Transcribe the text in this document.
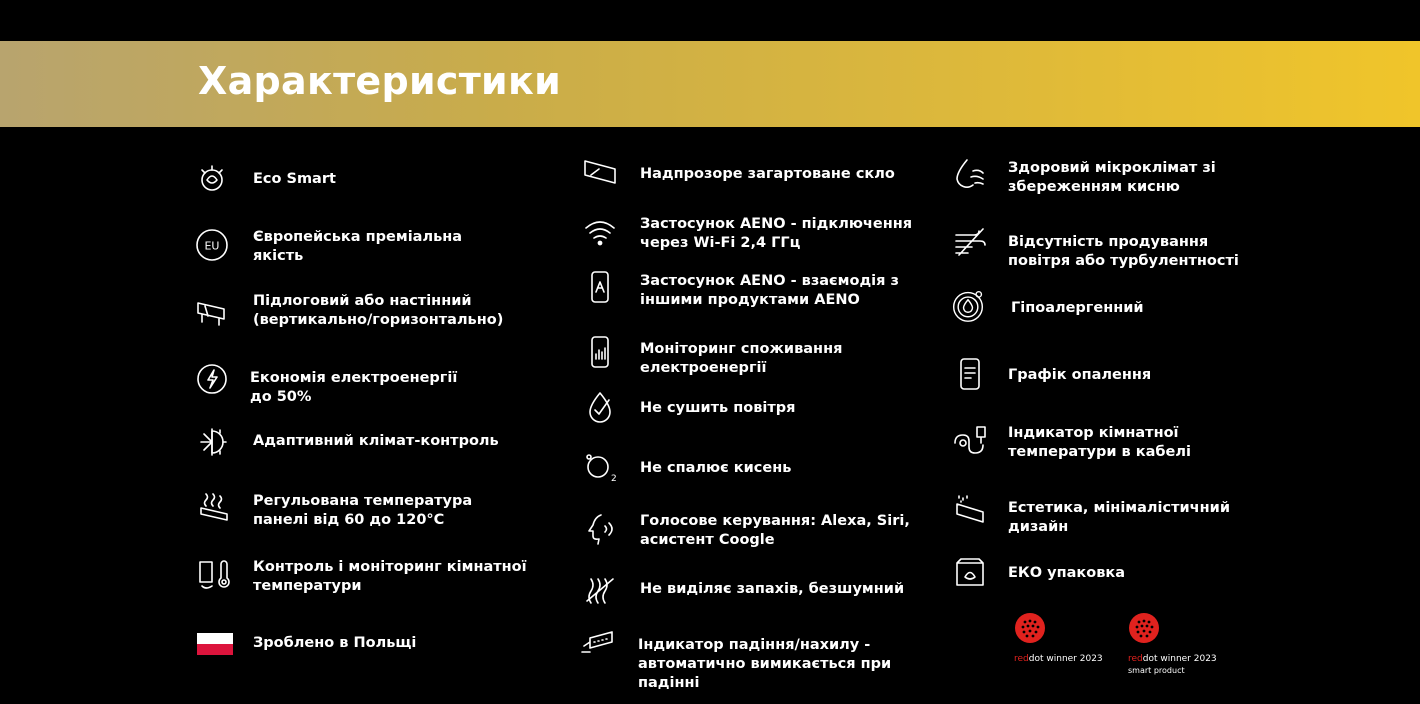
Характеристики
Eco Smart
EU
Європейська преміальна
якість
Підлоговий або настінний
(вертикально/горизонтально)
Економія електроенергії
до 50%
Адаптивний клімат-контроль
Регульована температура
панелі від 60 до 120°C
Контроль і моніторинг кімнатної
температури
Зроблено в Польщі
Надпрозоре загартоване скло
Застосунок AENO - підключення
через Wi-Fi 2,4 ГГц
Застосунок AENO - взаємодія з
іншими продуктами AENO
Моніторинг споживання
електроенергії
Не сушить повітря
2
Не спалює кисень
Голосове керування: Alexa, Siri,
асистент Coogle
Не виділяє запахів, безшумний
Індикатор падіння/нахилу -
автоматично вимикається при
падінні
Здоровий мікроклімат зі
збереженням кисню
Відсутність продування
повітря або турбулентності
Гіпоалергенний
Графік опалення
Індикатор кімнатної
температури в кабелі
Естетика, мінімалістичний
дизайн
ЕКО упаковка
reddot winner 2023	reddot winner 2023
smart product
